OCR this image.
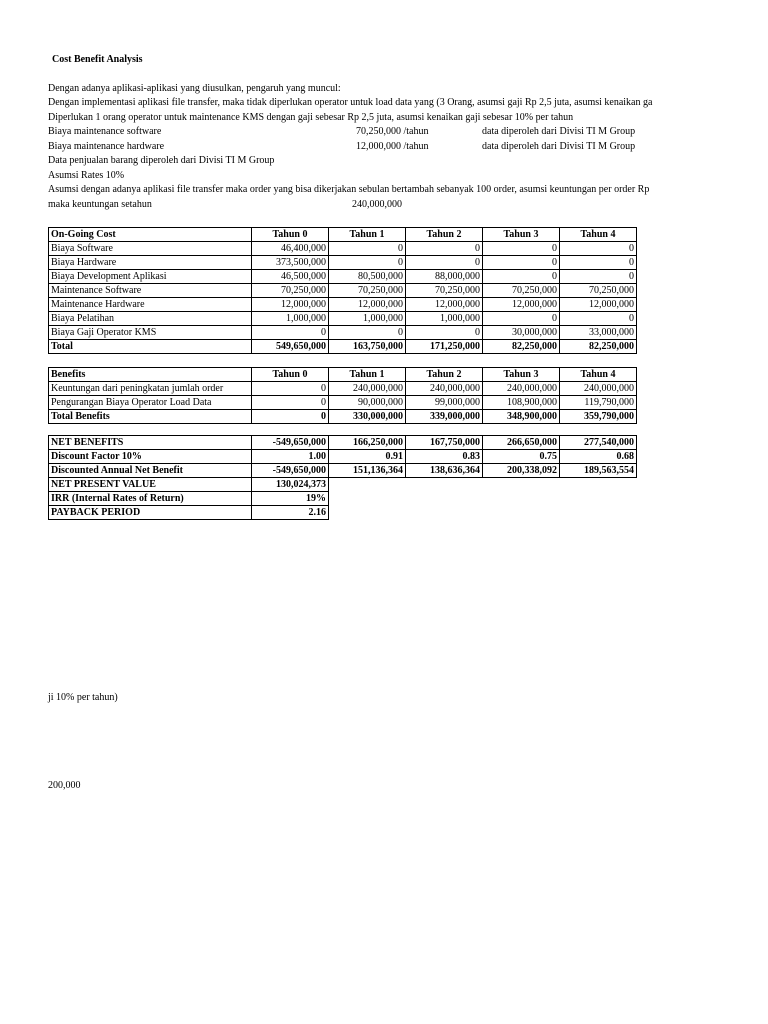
Cost Benefit Analysis
Dengan adanya aplikasi-aplikasi yang diusulkan, pengaruh yang muncul:
Dengan implementasi aplikasi file transfer, maka tidak diperlukan operator untuk load data yang (3 Orang, asumsi gaji Rp 2,5 juta, asumsi kenaikan ga
Diperlukan 1 orang operator untuk maintenance KMS dengan gaji sebesar Rp 2,5 juta, asumsi kenaikan gaji sebesar 10% per tahun
Biaya maintenance software	70,250,000 /tahun	data diperoleh dari Divisi TI M Group
Biaya maintenance hardware	12,000,000 /tahun	data diperoleh dari Divisi TI M Group
Data penjualan barang diperoleh dari Divisi TI M Group
Asumsi Rates 10%
Asumsi dengan adanya aplikasi file transfer maka order yang bisa dikerjakan sebulan bertambah sebanyak 100 order, asumsi keuntungan per order Rp
maka keuntungan setahun	240,000,000
On-Going Cost	Tahun 0	Tahun 1	Tahun 2	Tahun 3	Tahun 4
Biaya Software	46,400,000	0	0	0	0
Biaya Hardware	373,500,000	0	0	0	0
Biaya Development Aplikasi	46,500,000	80,500,000	88,000,000	0	0
Maintenance Software	70,250,000	70,250,000	70,250,000	70,250,000	70,250,000
Maintenance Hardware	12,000,000	12,000,000	12,000,000	12,000,000	12,000,000
Biaya Pelatihan	1,000,000	1,000,000	1,000,000	0	0
Biaya Gaji Operator KMS	0	0	0	30,000,000	33,000,000
Total	549,650,000	163,750,000	171,250,000	82,250,000	82,250,000
Benefits	Tahun 0	Tahun 1	Tahun 2	Tahun 3	Tahun 4
Keuntungan dari peningkatan jumlah order	0	240,000,000	240,000,000	240,000,000	240,000,000
Pengurangan Biaya Operator Load Data	0	90,000,000	99,000,000	108,900,000	119,790,000
Total Benefits	0	330,000,000	339,000,000	348,900,000	359,790,000
NET BENEFITS	-549,650,000	166,250,000	167,750,000	266,650,000	277,540,000
Discount Factor 10%	1.00	0.91	0.83	0.75	0.68
Discounted Annual Net Benefit	-549,650,000	151,136,364	138,636,364	200,338,092	189,563,554
NET PRESENT VALUE	130,024,373				
IRR (Internal Rates of Return)	19%				
PAYBACK PERIOD	2.16				
ji 10% per tahun)
200,000
